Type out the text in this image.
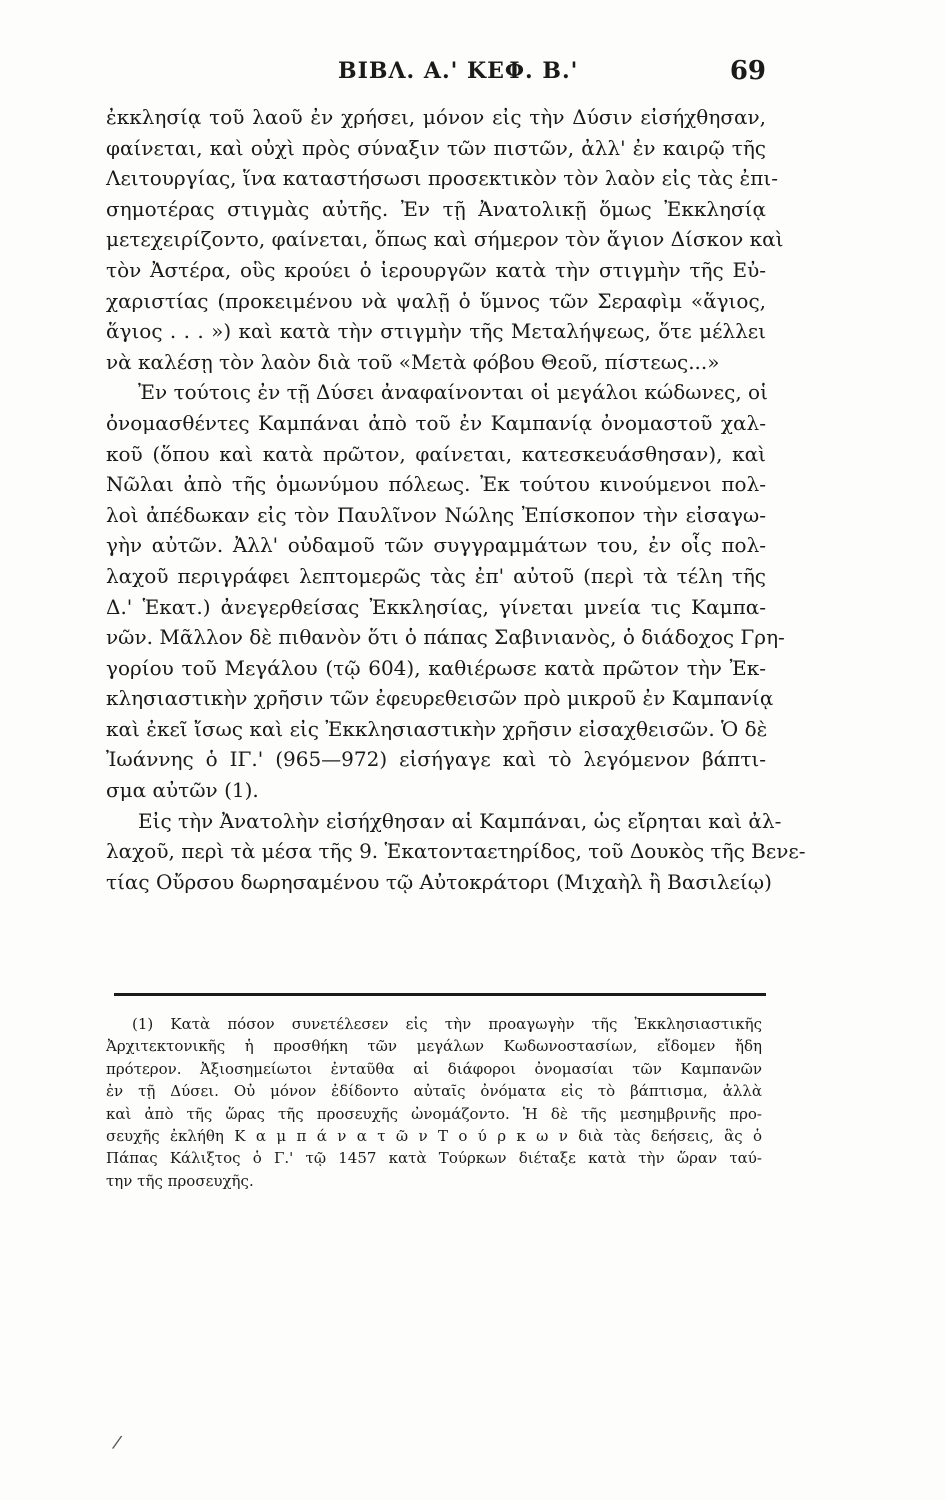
ΒΙΒΛ. Α.' ΚΕΦ. Β.'	69
ἐκκλησίᾳ τοῦ λαοῦ ἐν χρήσει, μόνον εἰς τὴν Δύσιν εἰσήχθησαν,
φαίνεται, καὶ οὐχὶ πρὸς σύναξιν τῶν πιστῶν, ἀλλ' ἐν καιρῷ τῆς
Λειτουργίας, ἵνα καταστήσωσι προσεκτικὸν τὸν λαὸν εἰς τὰς ἐπι-
σημοτέρας στιγμὰς αὐτῆς. Ἐν τῇ Ἀνατολικῇ ὅμως Ἐκκλησίᾳ
μετεχειρίζοντο, φαίνεται, ὅπως καὶ σήμερον τὸν ἅγιον Δίσκον καὶ
τὸν Ἀστέρα, οὓς κρούει ὁ ἱερουργῶν κατὰ τὴν στιγμὴν τῆς Εὐ-
χαριστίας (προκειμένου νὰ ψαλῇ ὁ ὕμνος τῶν Σεραφὶμ «ἅγιος,
ἅγιος . . . ») καὶ κατὰ τὴν στιγμὴν τῆς Μεταλήψεως, ὅτε μέλλει
νὰ καλέσῃ τὸν λαὸν διὰ τοῦ «Μετὰ φόβου Θεοῦ, πίστεως...»
Ἐν τούτοις ἐν τῇ Δύσει ἀναφαίνονται οἱ μεγάλοι κώδωνες, οἱ
ὀνομασθέντες Καμπάναι ἀπὸ τοῦ ἐν Καμπανίᾳ ὀνομαστοῦ χαλ-
κοῦ (ὅπου καὶ κατὰ πρῶτον, φαίνεται, κατεσκευάσθησαν), καὶ
Νῶλαι ἀπὸ τῆς ὁμωνύμου πόλεως. Ἐκ τούτου κινούμενοι πολ-
λοὶ ἀπέδωκαν εἰς τὸν Παυλῖνον Νώλης Ἐπίσκοπον τὴν εἰσαγω-
γὴν αὐτῶν. Ἀλλ' οὐδαμοῦ τῶν συγγραμμάτων του, ἐν οἷς πολ-
λαχοῦ περιγράφει λεπτομερῶς τὰς ἐπ' αὐτοῦ (περὶ τὰ τέλη τῆς
Δ.' Ἑκατ.) ἀνεγερθείσας Ἐκκλησίας, γίνεται μνεία τις Καμπα-
νῶν. Μᾶλλον δὲ πιθανὸν ὅτι ὁ πάπας Σαβινιανὸς, ὁ διάδοχος Γρη-
γορίου τοῦ Μεγάλου (τῷ 604), καθιέρωσε κατὰ πρῶτον τὴν Ἐκ-
κλησιαστικὴν χρῆσιν τῶν ἐφευρεθεισῶν πρὸ μικροῦ ἐν Καμπανίᾳ
καὶ ἐκεῖ ἴσως καὶ εἰς Ἐκκλησιαστικὴν χρῆσιν εἰσαχθεισῶν. Ὁ δὲ
Ἰωάννης ὁ ΙΓ.' (965—972) εἰσήγαγε καὶ τὸ λεγόμενον βάπτι-
σμα αὐτῶν (1).
Εἰς τὴν Ἀνατολὴν εἰσήχθησαν αἱ Καμπάναι, ὡς εἴρηται καὶ ἀλ-
λαχοῦ, περὶ τὰ μέσα τῆς 9. Ἑκατονταετηρίδος, τοῦ Δουκὸς τῆς Βενε-
τίας Οὔρσου δωρησαμένου τῷ Αὐτοκράτορι (Μιχαὴλ ἢ Βασιλείῳ)
(1) Κατὰ πόσον συνετέλεσεν εἰς τὴν προαγωγὴν τῆς Ἐκκλησιαστικῆς
Ἀρχιτεκτονικῆς ἡ προσθήκη τῶν μεγάλων Κωδωνοστασίων, εἴδομεν ἤδη
πρότερον. Ἀξιοσημείωτοι ἐνταῦθα αἱ διάφοροι ὀνομασίαι τῶν Καμπανῶν
ἐν τῇ Δύσει. Οὐ μόνον ἐδίδοντο αὐταῖς ὀνόματα εἰς τὸ βάπτισμα, ἀλλὰ
καὶ ἀπὸ τῆς ὥρας τῆς προσευχῆς ὠνομάζοντο. Ἡ δὲ τῆς μεσημβρινῆς προ-
σευχῆς ἐκλήθη Κ α μ π ά ν α τ ῶ ν Τ ο ύ ρ κ ω ν διὰ τὰς δεήσεις, ἃς ὁ
Πάπας Κάλιξτος ὁ Γ.' τῷ 1457 κατὰ Τούρκων διέταξε κατὰ τὴν ὥραν ταύ-
την τῆς προσευχῆς.
/
